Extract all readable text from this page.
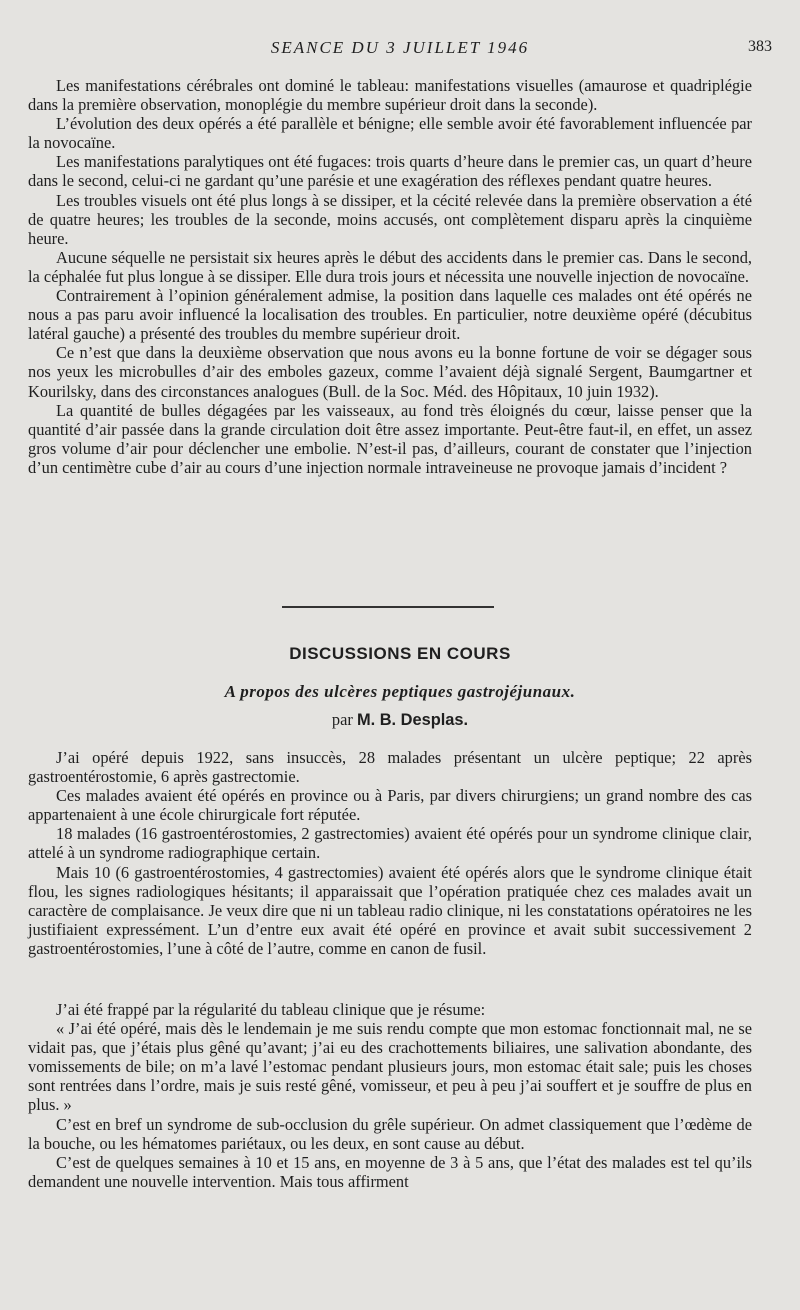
SEANCE DU 3 JUILLET 1946	383

Les manifestations cérébrales ont dominé le tableau: manifestations visuelles (amaurose et quadriplégie dans la première observation, monoplégie du membre supérieur droit dans la seconde).

L’évolution des deux opérés a été parallèle et bénigne; elle semble avoir été favorablement influencée par la novocaïne.

Les manifestations paralytiques ont été fugaces: trois quarts d’heure dans le premier cas, un quart d’heure dans le second, celui-ci ne gardant qu’une parésie et une exagération des réflexes pendant quatre heures.

Les troubles visuels ont été plus longs à se dissiper, et la cécité relevée dans la première observation a été de quatre heures; les troubles de la seconde, moins accusés, ont complètement disparu après la cinquième heure.

Aucune séquelle ne persistait six heures après le début des accidents dans le premier cas. Dans le second, la céphalée fut plus longue à se dissiper. Elle dura trois jours et nécessita une nouvelle injection de novocaïne.

Contrairement à l’opinion généralement admise, la position dans laquelle ces malades ont été opérés ne nous a pas paru avoir influencé la localisation des troubles. En particulier, notre deuxième opéré (décubitus latéral gauche) a présenté des troubles du membre supérieur droit.

Ce n’est que dans la deuxième observation que nous avons eu la bonne fortune de voir se dégager sous nos yeux les microbulles d’air des emboles gazeux, comme l’avaient déjà signalé Sergent, Baumgartner et Kourilsky, dans des circonstances analogues (Bull. de la Soc. Méd. des Hôpitaux, 10 juin 1932).

La quantité de bulles dégagées par les vaisseaux, au fond très éloignés du cœur, laisse penser que la quantité d’air passée dans la grande circulation doit être assez importante. Peut-être faut-il, en effet, un assez gros volume d’air pour déclencher une embolie. N’est-il pas, d’ailleurs, courant de constater que l’injection d’un centimètre cube d’air au cours d’une injection normale intraveineuse ne provoque jamais d’incident ?

DISCUSSIONS EN COURS
A propos des ulcères peptiques gastrojéjunaux.
par M. B. Desplas.

J’ai opéré depuis 1922, sans insuccès, 28 malades présentant un ulcère peptique; 22 après gastroentérostomie, 6 après gastrectomie.

Ces malades avaient été opérés en province ou à Paris, par divers chirurgiens; un grand nombre des cas appartenaient à une école chirurgicale fort réputée.

18 malades (16 gastroentérostomies, 2 gastrectomies) avaient été opérés pour un syndrome clinique clair, attelé à un syndrome radiographique certain.

Mais 10 (6 gastroentérostomies, 4 gastrectomies) avaient été opérés alors que le syndrome clinique était flou, les signes radiologiques hésitants; il apparaissait que l’opération pratiquée chez ces malades avait un caractère de complaisance. Je veux dire que ni un tableau radio clinique, ni les constatations opératoires ne les justifiaient expressément. L’un d’entre eux avait été opéré en province et avait subit successivement 2 gastroentérostomies, l’une à côté de l’autre, comme en canon de fusil.

J’ai été frappé par la régularité du tableau clinique que je résume:

« J’ai été opéré, mais dès le lendemain je me suis rendu compte que mon estomac fonctionnait mal, ne se vidait pas, que j’étais plus gêné qu’avant; j’ai eu des crachottements biliaires, une salivation abondante, des vomissements de bile; on m’a lavé l’estomac pendant plusieurs jours, mon estomac était sale; puis les choses sont rentrées dans l’ordre, mais je suis resté gêné, vomisseur, et peu à peu j’ai souffert et je souffre de plus en plus. »

C’est en bref un syndrome de sub-occlusion du grêle supérieur. On admet classiquement que l’œdème de la bouche, ou les hématomes pariétaux, ou les deux, en sont cause au début.

C’est de quelques semaines à 10 et 15 ans, en moyenne de 3 à 5 ans, que l’état des malades est tel qu’ils demandent une nouvelle intervention. Mais tous affirment
